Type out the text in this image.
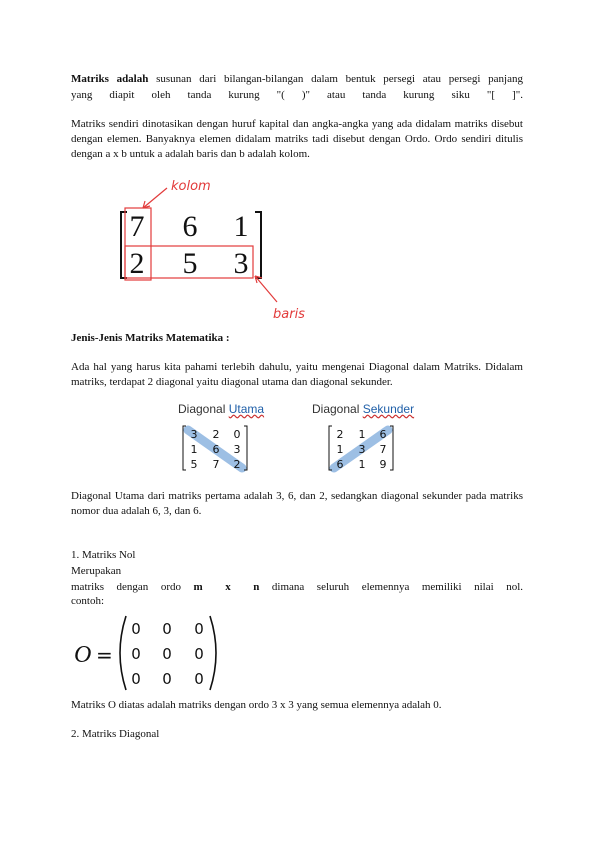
Matriks adalah susunan dari bilangan-bilangan dalam bentuk persegi atau persegi panjang
yang diapit oleh tanda kurung "( )" atau tanda kurung siku "[ ]".
Matriks sendiri dinotasikan dengan huruf kapital dan angka-angka yang ada didalam matriks disebut dengan elemen. Banyaknya elemen didalam matriks tadi disebut dengan Ordo. Ordo sendiri ditulis dengan a x b untuk a adalah baris dan b adalah kolom.
7 6 1
2 5 3
kolom
baris
Jenis-Jenis Matriks Matematika :
Ada hal yang harus kita pahami terlebih dahulu, yaitu mengenai Diagonal dalam Matriks. Didalam matriks, terdapat 2 diagonal yaitu diagonal utama dan diagonal sekunder.
Diagonal Utama	Diagonal Sekunder
3 2 0
1 6 3
5 7 2
2 1 6
1 3 7
6 1 9
Diagonal Utama dari matriks pertama adalah 3, 6, dan 2, sedangkan diagonal sekunder pada matriks nomor dua adalah 6, 3, dan 6.
1. Matriks Nol
Merupakan
matriks dengan ordo m x n dimana seluruh elemennya memiliki nilai nol.
contoh:
O =
0 0 0
0 0 0
0 0 0
Matriks O diatas adalah matriks dengan ordo 3 x 3 yang semua elemennya adalah 0.
2. Matriks Diagonal
